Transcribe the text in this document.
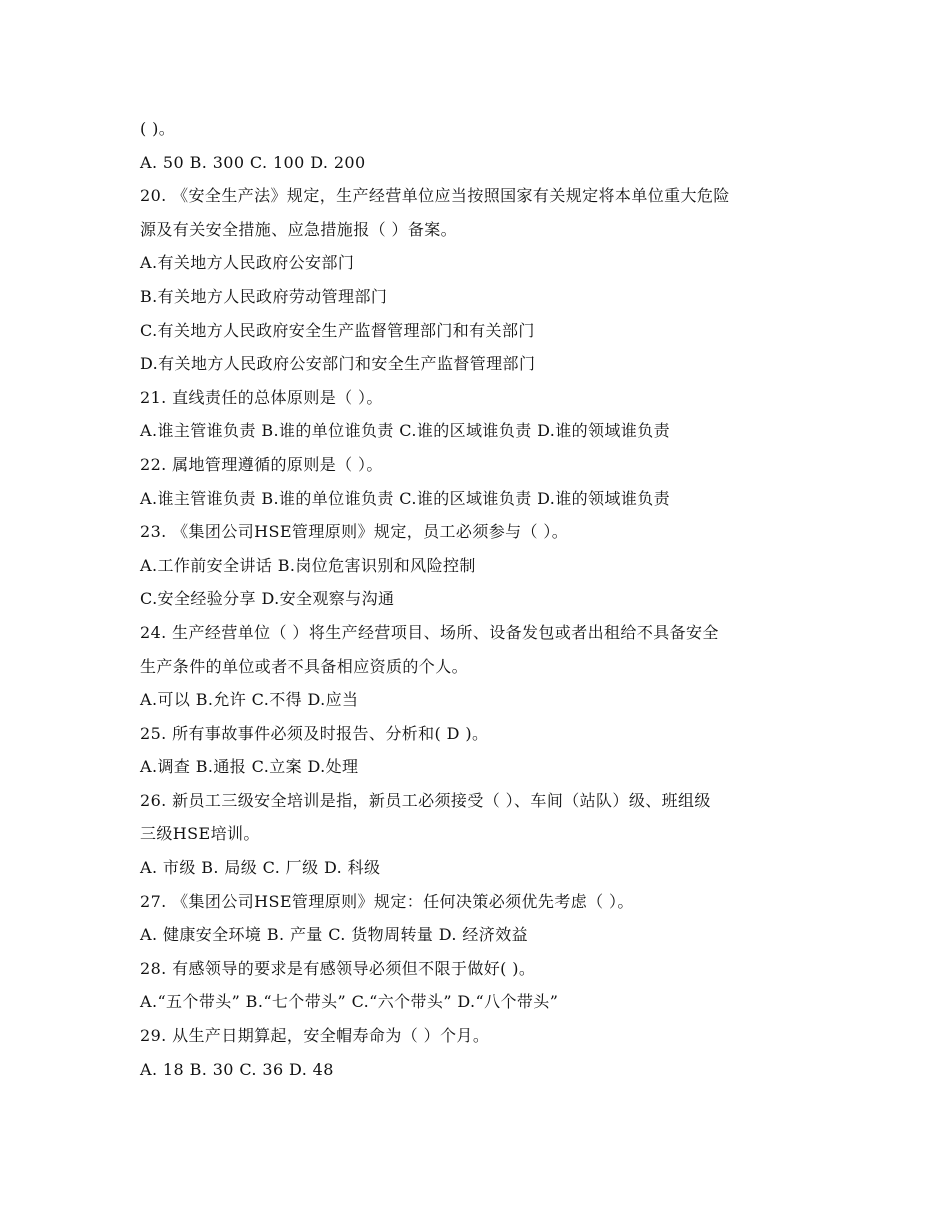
( )。
A. 50 B. 300 C. 100 D. 200
20. 《安全生产法》规定，生产经营单位应当按照国家有关规定将本单位重大危险
源及有关安全措施、应急措施报（ ）备案。
A.有关地方人民政府公安部门
B.有关地方人民政府劳动管理部门
C.有关地方人民政府安全生产监督管理部门和有关部门
D.有关地方人民政府公安部门和安全生产监督管理部门
21. 直线责任的总体原则是（ ）。
A.谁主管谁负责 B.谁的单位谁负责 C.谁的区域谁负责 D.谁的领域谁负责
22. 属地管理遵循的原则是（ ）。
A.谁主管谁负责 B.谁的单位谁负责 C.谁的区域谁负责 D.谁的领域谁负责
23. 《集团公司HSE管理原则》规定，员工必须参与（ ）。
A.工作前安全讲话 B.岗位危害识别和风险控制
C.安全经验分享 D.安全观察与沟通
24. 生产经营单位（ ）将生产经营项目、场所、设备发包或者出租给不具备安全
生产条件的单位或者不具备相应资质的个人。
A.可以 B.允许 C.不得 D.应当
25. 所有事故事件必须及时报告、分析和( D )。
A.调查 B.通报 C.立案 D.处理
26. 新员工三级安全培训是指，新员工必须接受（ ）、车间（站队）级、班组级
三级HSE培训。
A. 市级 B. 局级 C. 厂级 D. 科级
27. 《集团公司HSE管理原则》规定：任何决策必须优先考虑（ ）。
A. 健康安全环境 B. 产量 C. 货物周转量 D. 经济效益
28. 有感领导的要求是有感领导必须但不限于做好( )。
A.“五个带头” B.“七个带头” C.“六个带头” D.“八个带头”
29. 从生产日期算起，安全帽寿命为（ ）个月。
A. 18 B. 30 C. 36 D. 48
